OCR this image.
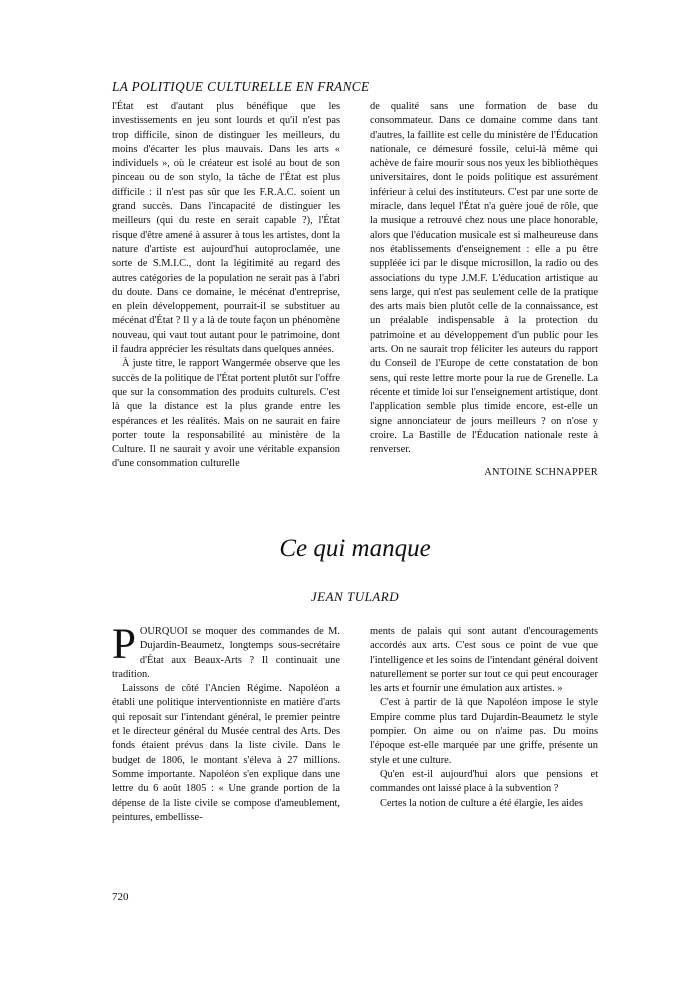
LA POLITIQUE CULTURELLE EN FRANCE

l'État est d'autant plus bénéfique que les investissements en jeu sont lourds et qu'il n'est pas trop difficile, sinon de distinguer les meilleurs, du moins d'écarter les plus mauvais. Dans les arts « individuels », où le créateur est isolé au bout de son pinceau ou de son stylo, la tâche de l'État est plus difficile : il n'est pas sûr que les F.R.A.C. soient un grand succès. Dans l'incapacité de distinguer les meilleurs (qui du reste en serait capable ?), l'État risque d'être amené à assurer à tous les artistes, dont la nature d'artiste est aujourd'hui autoproclamée, une sorte de S.M.I.C., dont la légitimité au regard des autres catégories de la population ne serait pas à l'abri du doute. Dans ce domaine, le mécénat d'entreprise, en plein développement, pourrait-il se substituer au mécénat d'État ? Il y a là de toute façon un phénomène nouveau, qui vaut tout autant pour le patrimoine, dont il faudra apprécier les résultats dans quelques années.

À juste titre, le rapport Wangermée observe que les succès de la politique de l'État portent plutôt sur l'offre que sur la consommation des produits culturels. C'est là que la distance est la plus grande entre les espérances et les réalités. Mais on ne saurait en faire porter toute la responsabilité au ministère de la Culture. Il ne saurait y avoir une véritable expansion d'une consommation culturelle

de qualité sans une formation de base du consommateur. Dans ce domaine comme dans tant d'autres, la faillite est celle du ministère de l'Éducation nationale, ce démesuré fossile, celui-là même qui achève de faire mourir sous nos yeux les bibliothèques universitaires, dont le poids politique est assurément inférieur à celui des instituteurs. C'est par une sorte de miracle, dans lequel l'État n'a guère joué de rôle, que la musique a retrouvé chez nous une place honorable, alors que l'éducation musicale est si malheureuse dans nos établissements d'enseignement : elle a pu être suppléée ici par le disque microsillon, la radio ou des associations du type J.M.F. L'éducation artistique au sens large, qui n'est pas seulement celle de la pratique des arts mais bien plutôt celle de la connaissance, est un préalable indispensable à la protection du patrimoine et au développement d'un public pour les arts. On ne saurait trop féliciter les auteurs du rapport du Conseil de l'Europe de cette constatation de bon sens, qui reste lettre morte pour la rue de Grenelle. La récente et timide loi sur l'enseignement artistique, dont l'application semble plus timide encore, est-elle un signe annonciateur de jours meilleurs ? on n'ose y croire. La Bastille de l'Éducation nationale reste à renverser.

ANTOINE SCHNAPPER
Ce qui manque
JEAN TULARD

POURQUOI se moquer des commandes de M. Dujardin-Beaumetz, longtemps sous-secrétaire d'État aux Beaux-Arts ? Il continuait une tradition.

Laissons de côté l'Ancien Régime. Napoléon a établi une politique interventionniste en matière d'arts qui reposait sur l'intendant général, le premier peintre et le directeur général du Musée central des Arts. Des fonds étaient prévus dans la liste civile. Dans le budget de 1806, le montant s'éleva à 27 millions. Somme importante. Napoléon s'en explique dans une lettre du 6 août 1805 : « Une grande portion de la dépense de la liste civile se compose d'ameublement, peintures, embellisse-

ments de palais qui sont autant d'encouragements accordés aux arts. C'est sous ce point de vue que l'intelligence et les soins de l'intendant général doivent naturellement se porter sur tout ce qui peut encourager les arts et fournir une émulation aux artistes. »

C'est à partir de là que Napoléon impose le style Empire comme plus tard Dujardin-Beaumetz le style pompier. On aime ou on n'aime pas. Du moins l'époque est-elle marquée par une griffe, présente un style et une culture.

Qu'en est-il aujourd'hui alors que pensions et commandes ont laissé place à la subvention ?

Certes la notion de culture a été élargie, les aides

720
